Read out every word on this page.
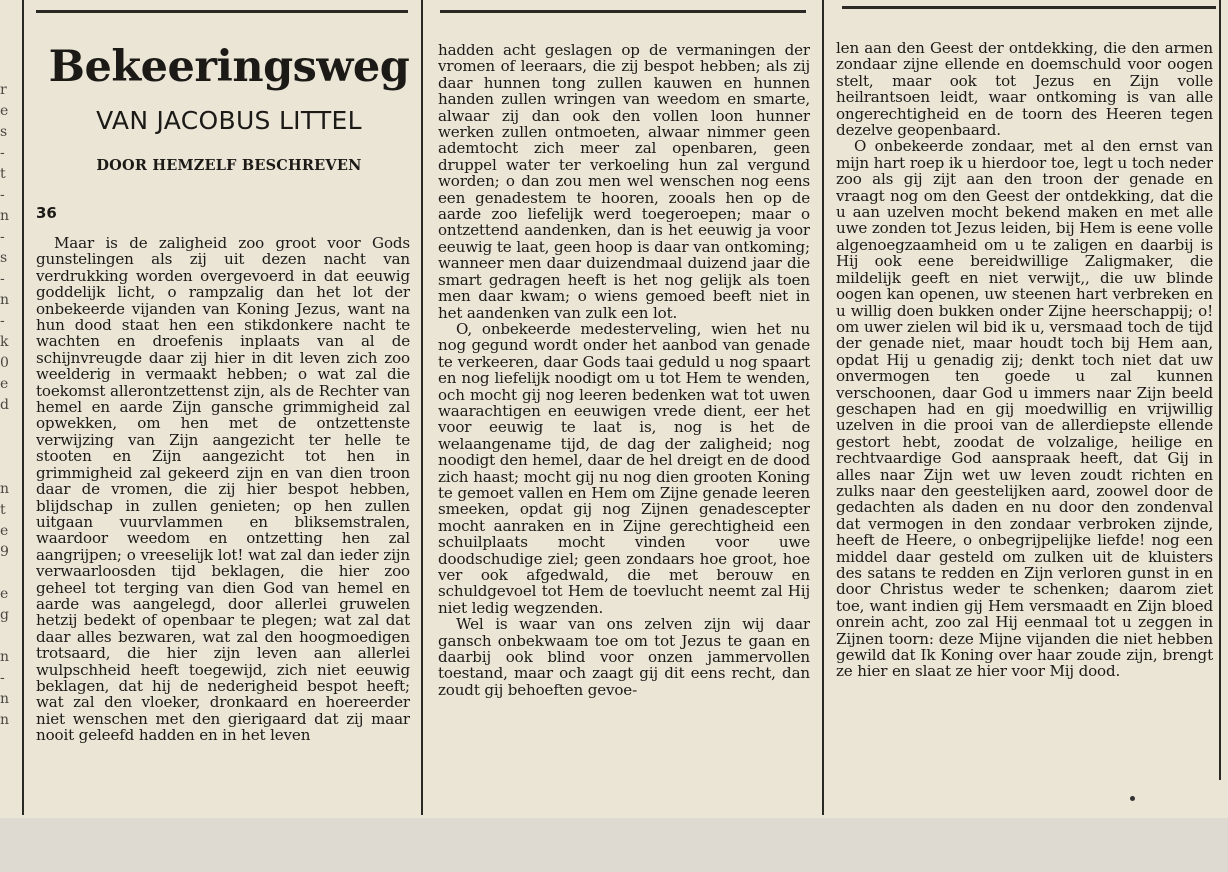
r
e
s
-
t
-
n
-
s
-
n
-
k
0
e
d
n
t
e
9
e
g
n
-
n
n
Bekeeringsweg
VAN JACOBUS LITTEL
DOOR HEMZELF BESCHREVEN
36

Maar is de zaligheid zoo groot voor Gods gunstelingen als zij uit dezen nacht van verdrukking worden overgevoerd in dat eeuwig goddelijk licht, o rampzalig dan het lot der onbekeerde vijanden van Koning Jezus, want na hun dood staat hen een stikdonkere nacht te wachten en droefenis inplaats van al de schijnvreugde daar zij hier in dit leven zich zoo weelderig in vermaakt hebben; o wat zal die toekomst allerontzettenst zijn, als de Rechter van hemel en aarde Zijn gansche grimmigheid zal opwekken, om hen met de ontzettenste verwijzing van Zijn aangezicht ter helle te stooten en Zijn aangezicht tot hen in grimmigheid zal gekeerd zijn en van dien troon daar de vromen, die zij hier bespot hebben, blijdschap in zullen genieten; op hen zullen uitgaan vuurvlammen en bliksemstralen, waardoor weedom en ontzetting hen zal aangrijpen; o vreeselijk lot! wat zal dan ieder zijn verwaarloosden tijd beklagen, die hier zoo geheel tot terging van dien God van hemel en aarde was aangelegd, door allerlei gruwelen hetzij bedekt of openbaar te plegen; wat zal dat daar alles bezwaren, wat zal den hoogmoedigen trotsaard, die hier zijn leven aan allerlei wulpschheid heeft toegewijd, zich niet eeuwig beklagen, dat hij de nederigheid bespot heeft; wat zal den vloeker, dronkaard en hoereerder niet wenschen met den gierigaard dat zij maar nooit geleefd hadden en in het leven

hadden acht geslagen op de vermaningen der vromen of leeraars, die zij bespot hebben; als zij daar hunnen tong zullen kauwen en hunnen handen zullen wringen van weedom en smarte, alwaar zij dan ook den vollen loon hunner werken zullen ontmoeten, alwaar nimmer geen ademtocht zich meer zal openbaren, geen druppel water ter verkoeling hun zal vergund worden; o dan zou men wel wenschen nog eens een genadestem te hooren, zooals hen op de aarde zoo liefelijk werd toegeroepen; maar o ontzettend aandenken, dan is het eeuwig ja voor eeuwig te laat, geen hoop is daar van ontkoming; wanneer men daar duizendmaal duizend jaar die smart gedragen heeft is het nog gelijk als toen men daar kwam; o wiens gemoed beeft niet in het aandenken van zulk een lot.

O, onbekeerde medesterveling, wien het nu nog gegund wordt onder het aanbod van genade te verkeeren, daar Gods taai geduld u nog spaart en nog liefelijk noodigt om u tot Hem te wenden, och mocht gij nog leeren bedenken wat tot uwen waarachtigen en eeuwigen vrede dient, eer het voor eeuwig te laat is, nog is het de welaangename tijd, de dag der zaligheid; nog noodigt den hemel, daar de hel dreigt en de dood zich haast; mocht gij nu nog dien grooten Koning te gemoet vallen en Hem om Zijne genade leeren smeeken, opdat gij nog Zijnen genadescepter mocht aanraken en in Zijne gerechtigheid een schuilplaats mocht vinden voor uwe doodschudige ziel; geen zondaars hoe groot, hoe ver ook afgedwald, die met berouw en schuldgevoel tot Hem de toevlucht neemt zal Hij niet ledig wegzenden.

Wel is waar van ons zelven zijn wij daar gansch onbekwaam toe om tot Jezus te gaan en daarbij ook blind voor onzen jammervollen toestand, maar och zaagt gij dit eens recht, dan zoudt gij behoeften gevoe-

len aan den Geest der ontdekking, die den armen zondaar zijne ellende en doemschuld voor oogen stelt, maar ook tot Jezus en Zijn volle heilrantsoen leidt, waar ontkoming is van alle ongerechtigheid en de toorn des Heeren tegen dezelve geopenbaard.

O onbekeerde zondaar, met al den ernst van mijn hart roep ik u hierdoor toe, legt u toch neder zoo als gij zijt aan den troon der genade en vraagt nog om den Geest der ontdekking, dat die u aan uzelven mocht bekend maken en met alle uwe zonden tot Jezus leiden, bij Hem is eene volle algenoegzaamheid om u te zaligen en daarbij is Hij ook eene bereidwillige Zaligmaker, die mildelijk geeft en niet verwijt,, die uw blinde oogen kan openen, uw steenen hart verbreken en u willig doen bukken onder Zijne heerschappij; o! om uwer zielen wil bid ik u, versmaad toch de tijd der genade niet, maar houdt toch bij Hem aan, opdat Hij u genadig zij; denkt toch niet dat uw onvermogen ten goede u zal kunnen verschoonen, daar God u immers naar Zijn beeld geschapen had en gij moedwillig en vrijwillig uzelven in die prooi van de allerdiepste ellende gestort hebt, zoodat de volzalige, heilige en rechtvaardige God aanspraak heeft, dat Gij in alles naar Zijn wet uw leven zoudt richten en zulks naar den geestelijken aard, zoowel door de gedachten als daden en nu door den zondenval dat vermogen in den zondaar verbroken zijnde, heeft de Heere, o onbegrijpelijke liefde! nog een middel daar gesteld om zulken uit de kluisters des satans te redden en Zijn verloren gunst in en door Christus weder te schenken; daarom ziet toe, want indien gij Hem versmaadt en Zijn bloed onrein acht, zoo zal Hij eenmaal tot u zeggen in Zijnen toorn: deze Mijne vijanden die niet hebben gewild dat Ik Koning over haar zoude zijn, brengt ze hier en slaat ze hier voor Mij dood.
